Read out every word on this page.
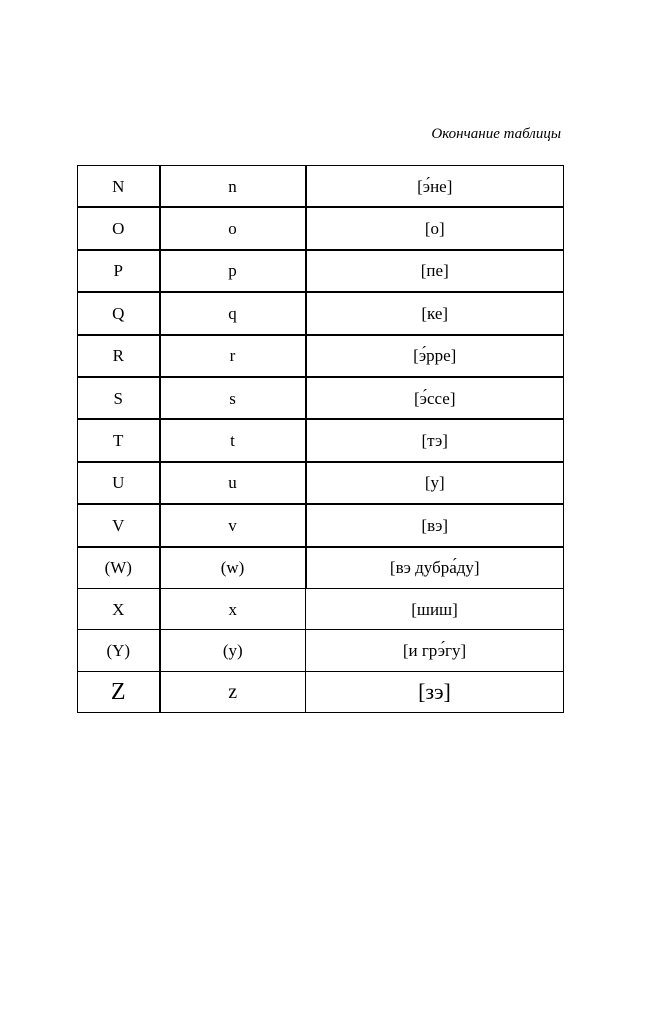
Окончание таблицы
N	n	[э́не]
O	o	[о]
P	p	[пе]
Q	q	[ке]
R	r	[э́рре]
S	s	[э́ссе]
T	t	[тэ]
U	u	[у]
V	v	[вэ]
(W)	(w)	[вэ дубра́ду]
X	x	[шиш]
(Y)	(y)	[и грэ́гу]
Z	z	[зэ]
